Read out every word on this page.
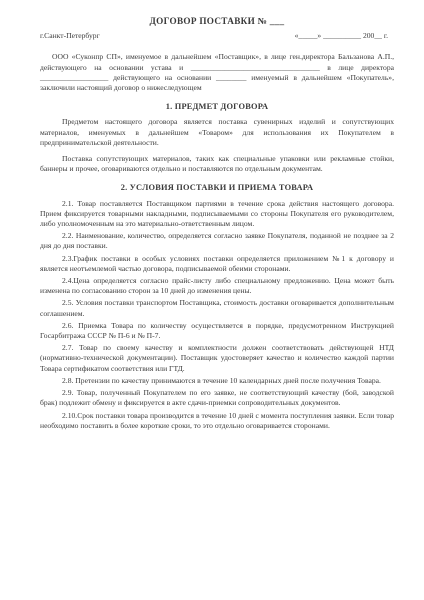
ДОГОВОР ПОСТАВКИ № ___
г.Санкт-Петербург	«_____» __________ 200__ г.

ООО «Суконпр СП», именуемое в дальнейшем «Поставщик», в лице ген.директора Бальзанова А.П., действующего на основании устава и __________________________________ в лице директора __________________ действующего на основании ________ именуемый в дальнейшем «Покупатель», заключили настоящий договор о нижеследующем

1. ПРЕДМЕТ ДОГОВОРА

Предметом настоящего договора является поставка сувенирных изделий и сопутствующих материалов, именуемых в дальнейшем «Товаром» для использования их Покупателем в предпринимательской деятельности.

Поставка сопутствующих материалов, таких как специальные упаковки или рекламные стойки, баннеры и прочее, оговариваются отдельно и поставляются по отдельным документам.

2. УСЛОВИЯ ПОСТАВКИ И ПРИЕМА ТОВАРА

2.1. Товар поставляется Поставщиком партиями в течение срока действия настоящего договора. Прием фиксируется товарными накладными, подписываемыми со стороны Покупателя его руководителем, либо уполномоченным на это материально-ответственным лицом.

2.2. Наименование, количество, определяется согласно заявке Покупателя, поданной не позднее за 2 дня до дня поставки.

2.3.График поставки в особых условиях поставки определяется приложением №1 к договору и является неотъемлемой частью договора, подписываемой обеими сторонами.

2.4.Цена определяется согласно прайс-листу либо специальному предложению. Цена может быть изменена по согласованию сторон за 10 дней до изменения цены.

2.5. Условия поставки транспортом Поставщика, стоимость доставки оговаривается дополнительным соглашением.

2.6. Приемка Товара по количеству осуществляется в порядке, предусмотренном Инструкцией Госарбитража СССР № П-6 и № П-7.

2.7. Товар по своему качеству и комплектности должен соответствовать действующей НТД (нормативно-технической документации). Поставщик удостоверяет качество и количество каждой партии Товара сертификатом соответствия или ГТД.

2.8. Претензии по качеству принимаются в течение 10 календарных дней после получения Товара.

2.9. Товар, полученный Покупателем по его заявке, не соответствующий качеству (бой, заводской брак) подлежит обмену и фиксируется в акте сдачи-приемки сопроводительных документов.

2.10.Срок поставки товара производится в течение 10 дней с момента поступления заявки. Если товар необходимо поставить в более короткие сроки, то это отдельно оговаривается сторонами.
